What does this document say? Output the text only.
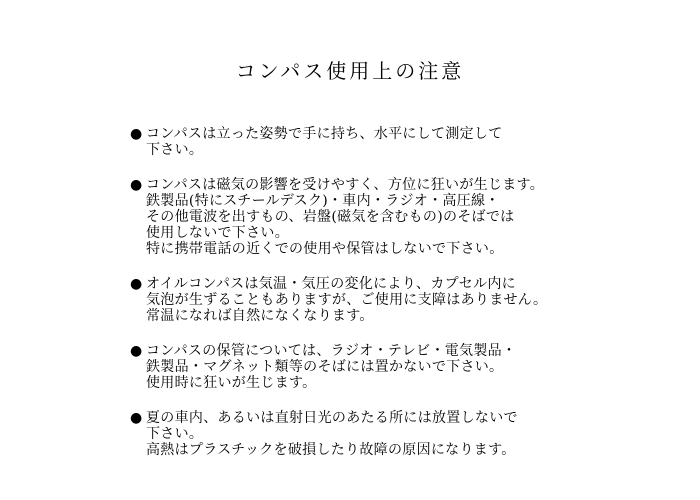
コンパス使用上の注意
● コンパスは立った姿勢で手に持ち、水平にして測定して
下さい。
● コンパスは磁気の影響を受けやすく、方位に狂いが生じます。
鉄製品(特にスチールデスク)・車内・ラジオ・高圧線・
その他電波を出すもの、岩盤(磁気を含むもの)のそばでは
使用しないで下さい。
特に携帯電話の近くでの使用や保管はしないで下さい。
● オイルコンパスは気温・気圧の変化により、カプセル内に
気泡が生ずることもありますが、ご使用に支障はありません。
常温になれば自然になくなります。
● コンパスの保管については、ラジオ・テレビ・電気製品・
鉄製品・マグネット類等のそばには置かないで下さい。
使用時に狂いが生じます。
● 夏の車内、あるいは直射日光のあたる所には放置しないで
下さい。
高熱はプラスチックを破損したり故障の原因になります。
